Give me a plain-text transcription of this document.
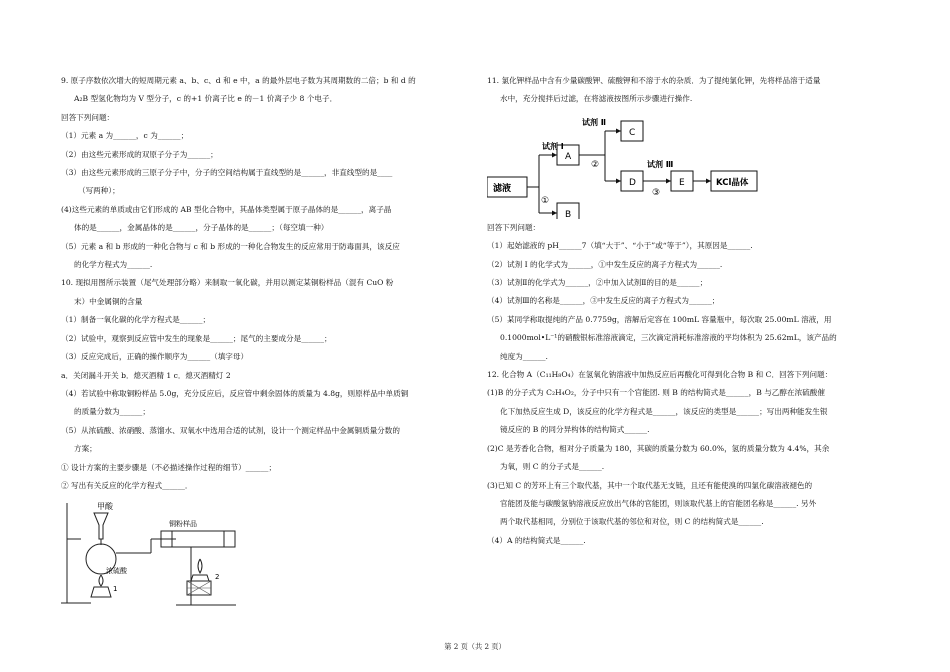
9. 原子序数依次增大的短周期元素 a、b、c、d 和 e 中，a 的最外层电子数为其周期数的二倍；b 和 d 的
A₂B 型氢化物均为 V 型分子，c 的+1 价离子比 e 的－1 价离子少 8 个电子．
回答下列问题：
（1）元素 a 为______，c 为______；
（2）由这些元素形成的双原子分子为______；
（3）由这些元素形成的三原子分子中，分子的空间结构属于直线型的是______，非直线型的是____
（写两种）；
(4)这些元素的单质或由它们形成的 AB 型化合物中，其晶体类型属于原子晶体的是______，离子晶
体的是______，金属晶体的是______，分子晶体的是______；（每空填一种）
（5）元素 a 和 b 形成的一种化合物与 c 和 b 形成的一种化合物发生的反应常用于防毒面具，该反应
的化学方程式为______.
10. 现拟用图所示装置（尾气处理部分略）来制取一氧化碳，并用以测定某铜粉样品（混有 CuO 粉
末）中金属铜的含量
（1）制备一氧化碳的化学方程式是______；
（2）试验中，观察到反应管中发生的现象是______；尾气的主要成分是______；
（3）反应完成后，正确的操作顺序为______（填字母）
a．关闭漏斗开关 b．熄灭酒精 1 c．熄灭酒精灯 2
（4）若试验中称取铜粉样品 5.0g，充分反应后，反应管中剩余固体的质量为 4.8g，则原样品中单质铜
的质量分数为______；
（5）从浓硫酸、浓硝酸、蒸馏水、双氧水中选用合适的试剂，设计一个测定样品中金属铜质量分数的
方案；
① 设计方案的主要步骤是（不必描述操作过程的细节）______；
② 写出有关反应的化学方程式______．
甲酸
浓硫酸
铜粉样品
1
2
11. 氯化钾样品中含有少量碳酸钾、硫酸钾和不溶于水的杂质．为了提纯氯化钾，先将样品溶于适量
水中，充分搅拌后过滤，在将滤液按图所示步骤进行操作.
滤液
试剂 Ⅰ
试剂 Ⅱ
试剂 Ⅲ
A
B
C
D	E	KCl晶体
①
②
③
回答下列问题：
（1）起始滤液的 pH______7（填“大于”、“小于”或“等于”），其原因是______.
（2）试剂 I 的化学式为______，①中发生反应的离子方程式为______.
（3）试剂Ⅱ的化学式为______，②中加入试剂Ⅱ的目的是______；
（4）试剂Ⅲ的名称是______，③中发生反应的离子方程式为______；
（5）某同学称取提纯的产品 0.7759g，溶解后定容在 100mL 容量瓶中，每次取 25.00mL 溶液，用
0.1000mol•L⁻¹的硝酸银标准溶液滴定，三次滴定消耗标准溶液的平均体积为 25.62mL，该产品的
纯度为______.
12. 化合物 A（C₁₁H₈O₄）在氢氧化钠溶液中加热反应后再酸化可得到化合物 B 和 C．回答下列问题：
(1)B 的分子式为 C₂H₄O₂，分子中只有一个官能团. 则 B 的结构简式是______，B 与乙醇在浓硫酸催
化下加热反应生成 D，该反应的化学方程式是______，该反应的类型是______；写出两种能发生银
镜反应的 B 的同分异构体的结构简式______.
(2)C 是芳香化合物，相对分子质量为 180，其碳的质量分数为 60.0%，氢的质量分数为 4.4%，其余
为氧，则 C 的分子式是______.
(3)已知 C 的芳环上有三个取代基，其中一个取代基无支链，且还有能使溴的四氯化碳溶液褪色的
官能团及能与碳酸氢钠溶液反应放出气体的官能团，则该取代基上的官能团名称是______. 另外
两个取代基相同，分别位于该取代基的邻位和对位，则 C 的结构简式是______.
（4）A 的结构简式是______.
第 2 页（共 2 页）
